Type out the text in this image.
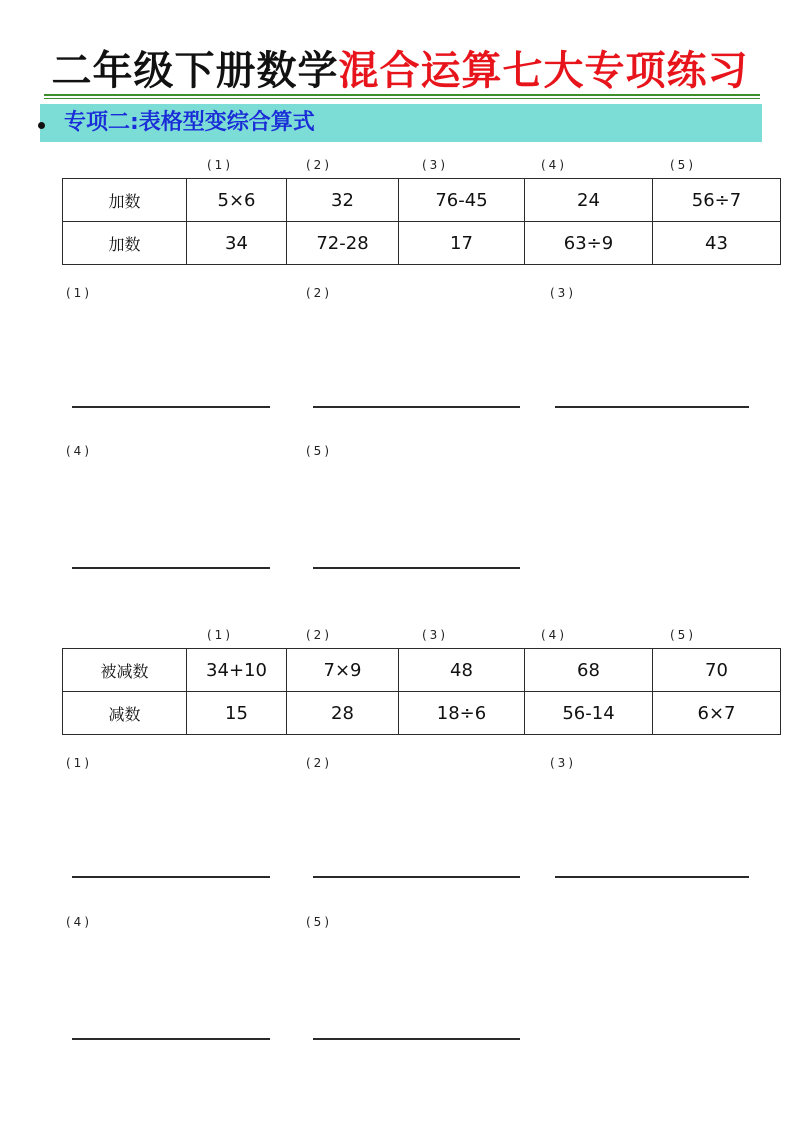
二年级下册数学混合运算七大专项练习
专项二:表格型变综合算式
(1)	(2)	(3)	(4)	(5)
加数	5×6	32	76-45	24	56÷7
加数	34	72-28	17	63÷9	43
(1)	(2)	(3)
(4)	(5)
(1)	(2)	(3)	(4)	(5)
被减数	34+10	7×9	48	68	70
减数	15	28	18÷6	56-14	6×7
(1)	(2)	(3)
(4)	(5)
